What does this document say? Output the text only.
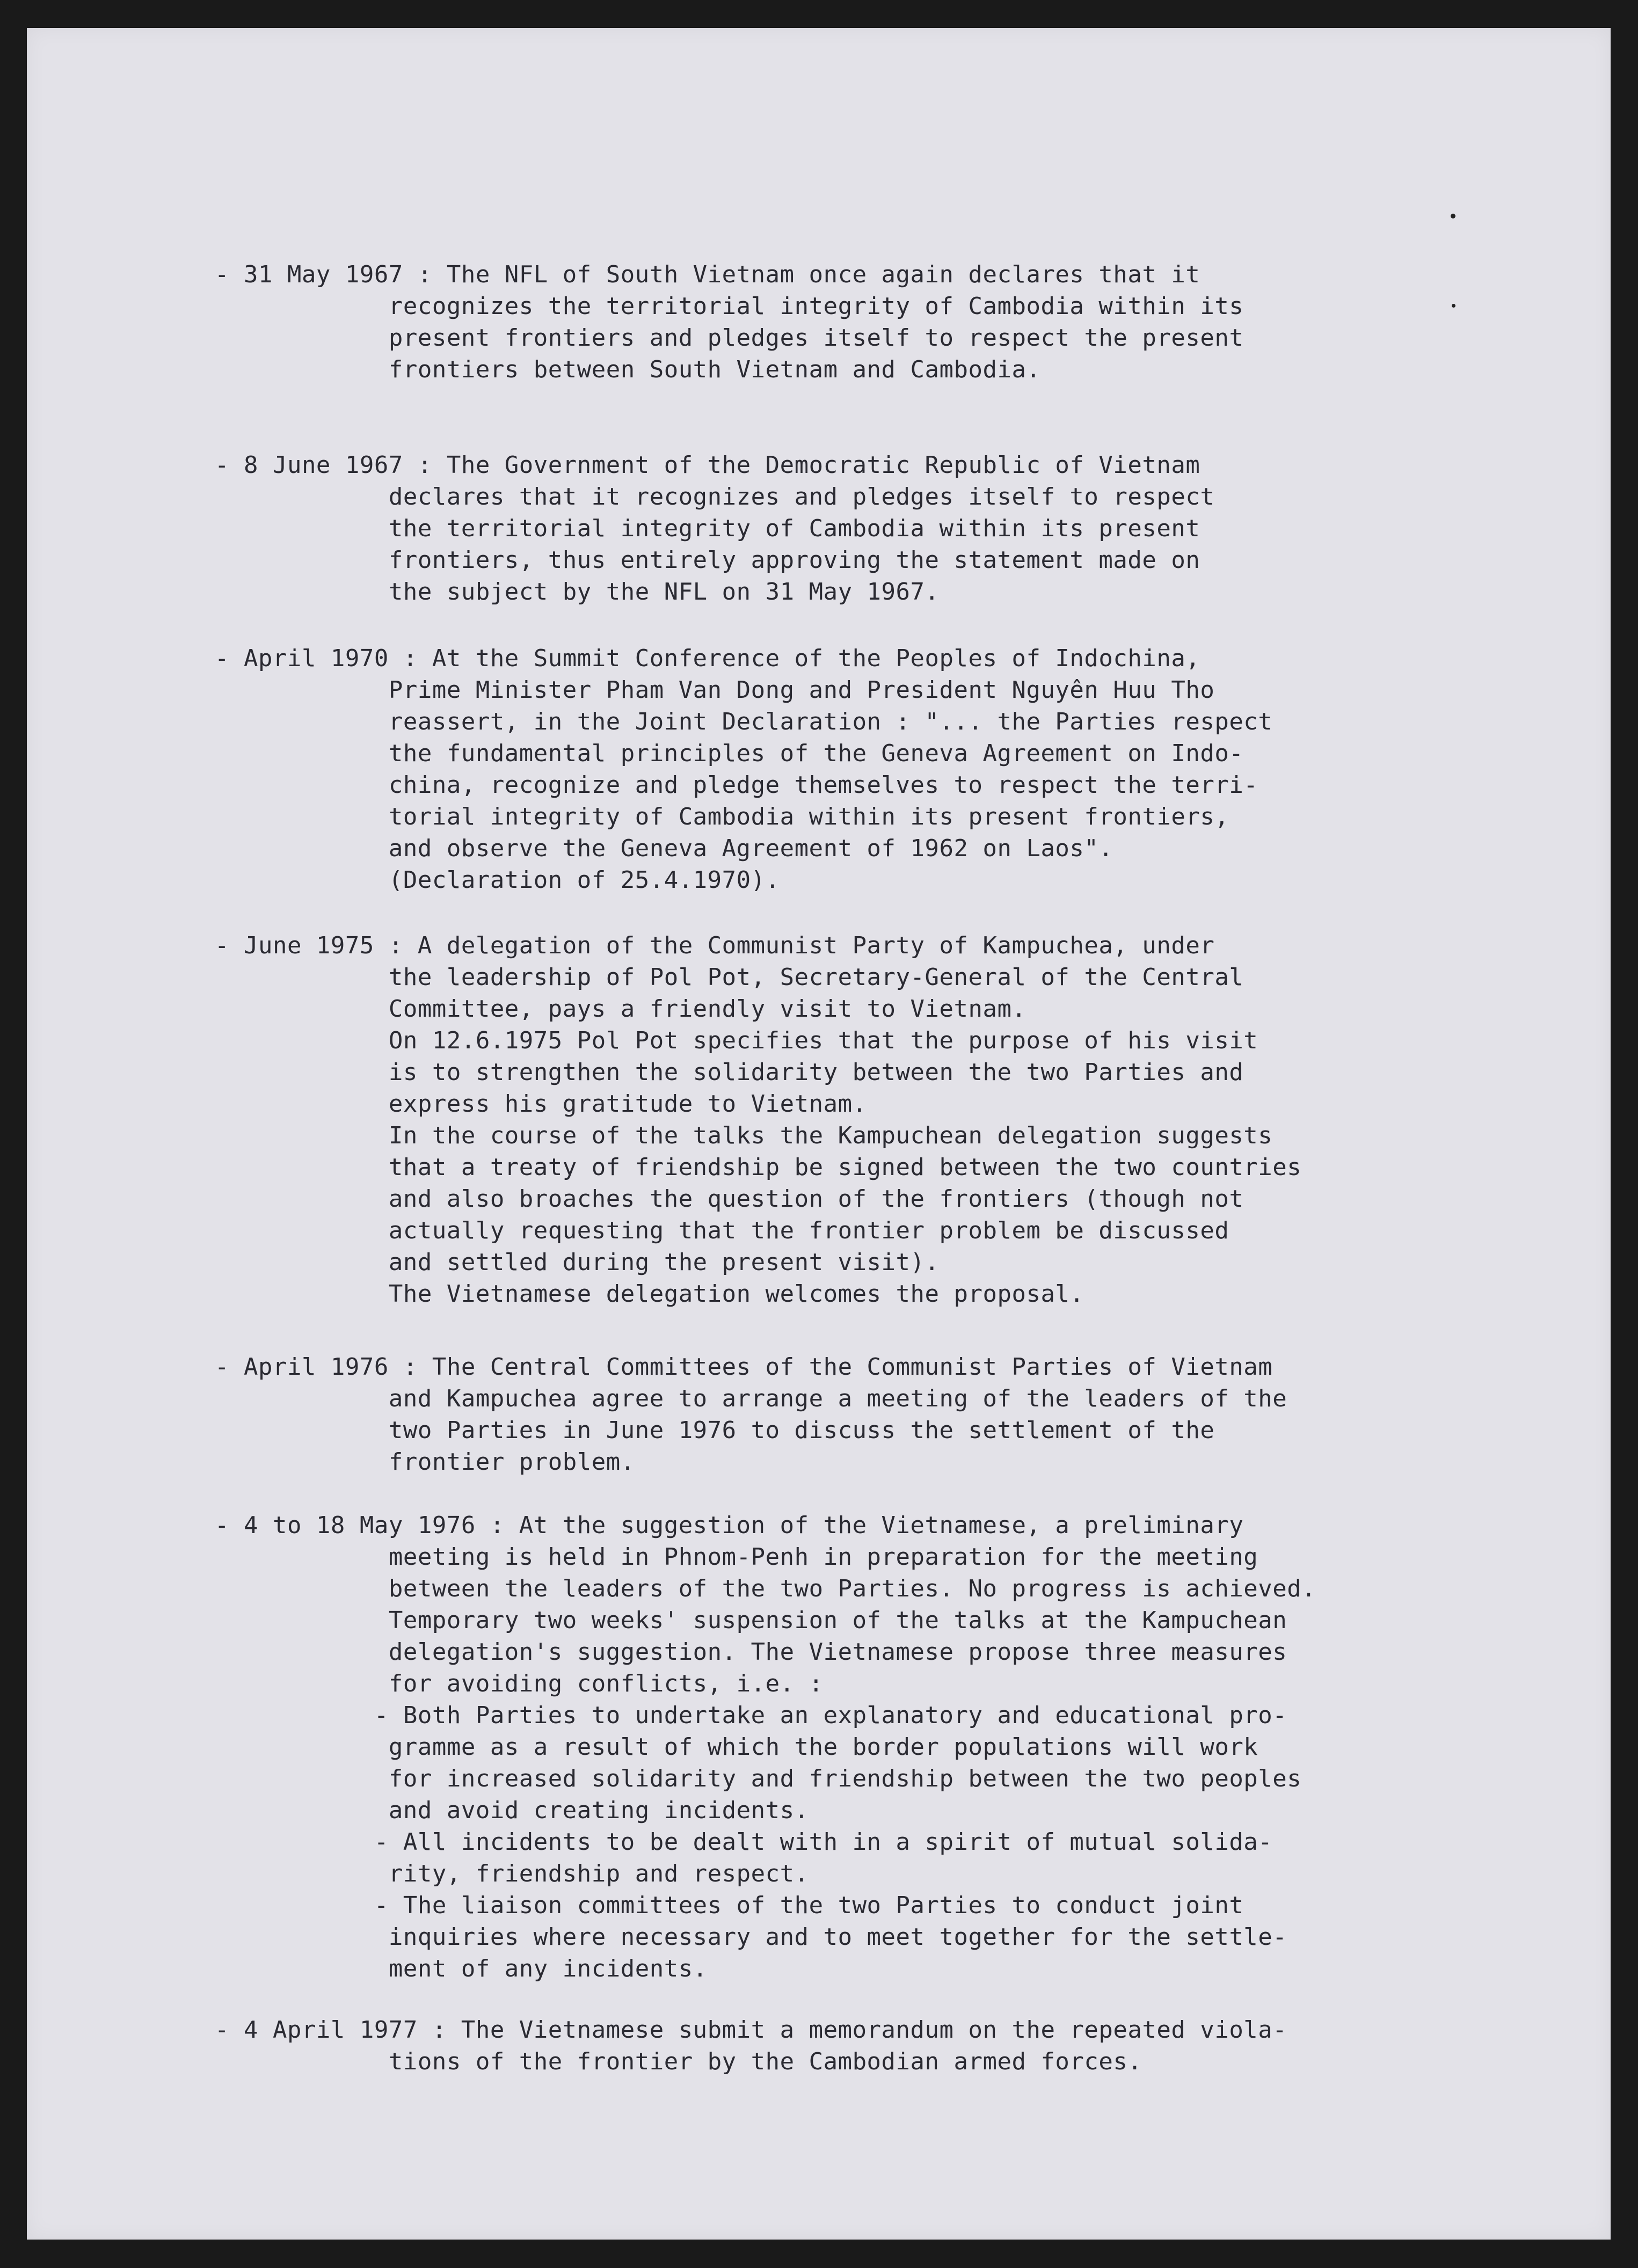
- 31 May 1967 : The NFL of South Vietnam once again declares that it
recognizes the territorial integrity of Cambodia within its
present frontiers and pledges itself to respect the present
frontiers between South Vietnam and Cambodia.
- 8 June 1967 : The Government of the Democratic Republic of Vietnam
declares that it recognizes and pledges itself to respect
the territorial integrity of Cambodia within its present
frontiers, thus entirely approving the statement made on
the subject by the NFL on 31 May 1967.
- April 1970 : At the Summit Conference of the Peoples of Indochina,
Prime Minister Pham Van Dong and President Nguyên Huu Tho
reassert, in the Joint Declaration : "... the Parties respect
the fundamental principles of the Geneva Agreement on Indo-
china, recognize and pledge themselves to respect the terri-
torial integrity of Cambodia within its present frontiers,
and observe the Geneva Agreement of 1962 on Laos".
(Declaration of 25.4.1970).
- June 1975 : A delegation of the Communist Party of Kampuchea, under
the leadership of Pol Pot, Secretary-General of the Central
Committee, pays a friendly visit to Vietnam.
On 12.6.1975 Pol Pot specifies that the purpose of his visit
is to strengthen the solidarity between the two Parties and
express his gratitude to Vietnam.
In the course of the talks the Kampuchean delegation suggests
that a treaty of friendship be signed between the two countries
and also broaches the question of the frontiers (though not
actually requesting that the frontier problem be discussed
and settled during the present visit).
The Vietnamese delegation welcomes the proposal.
- April 1976 : The Central Committees of the Communist Parties of Vietnam
and Kampuchea agree to arrange a meeting of the leaders of the
two Parties in June 1976 to discuss the settlement of the
frontier problem.
- 4 to 18 May 1976 : At the suggestion of the Vietnamese, a preliminary
meeting is held in Phnom-Penh in preparation for the meeting
between the leaders of the two Parties. No progress is achieved.
Temporary two weeks' suspension of the talks at the Kampuchean
delegation's suggestion. The Vietnamese propose three measures
for avoiding conflicts, i.e. :
- Both Parties to undertake an explanatory and educational pro-
gramme as a result of which the border populations will work
for increased solidarity and friendship between the two peoples
and avoid creating incidents.
- All incidents to be dealt with in a spirit of mutual solida-
rity, friendship and respect.
- The liaison committees of the two Parties to conduct joint
inquiries where necessary and to meet together for the settle-
ment of any incidents.
- 4 April 1977 : The Vietnamese submit a memorandum on the repeated viola-
tions of the frontier by the Cambodian armed forces.
